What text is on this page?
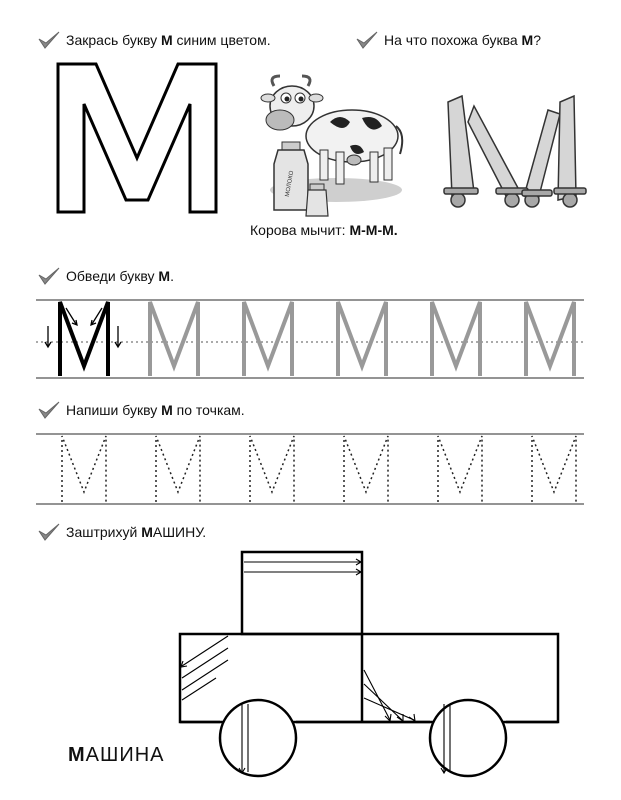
Закрась букву М синим цветом.	На что похожа буква М?
МОЛОКО
Корова мычит: М-М-М.
Обведи букву М.
Напиши букву М по точкам.
Заштрихуй МАШИНУ.
МАШИНА
